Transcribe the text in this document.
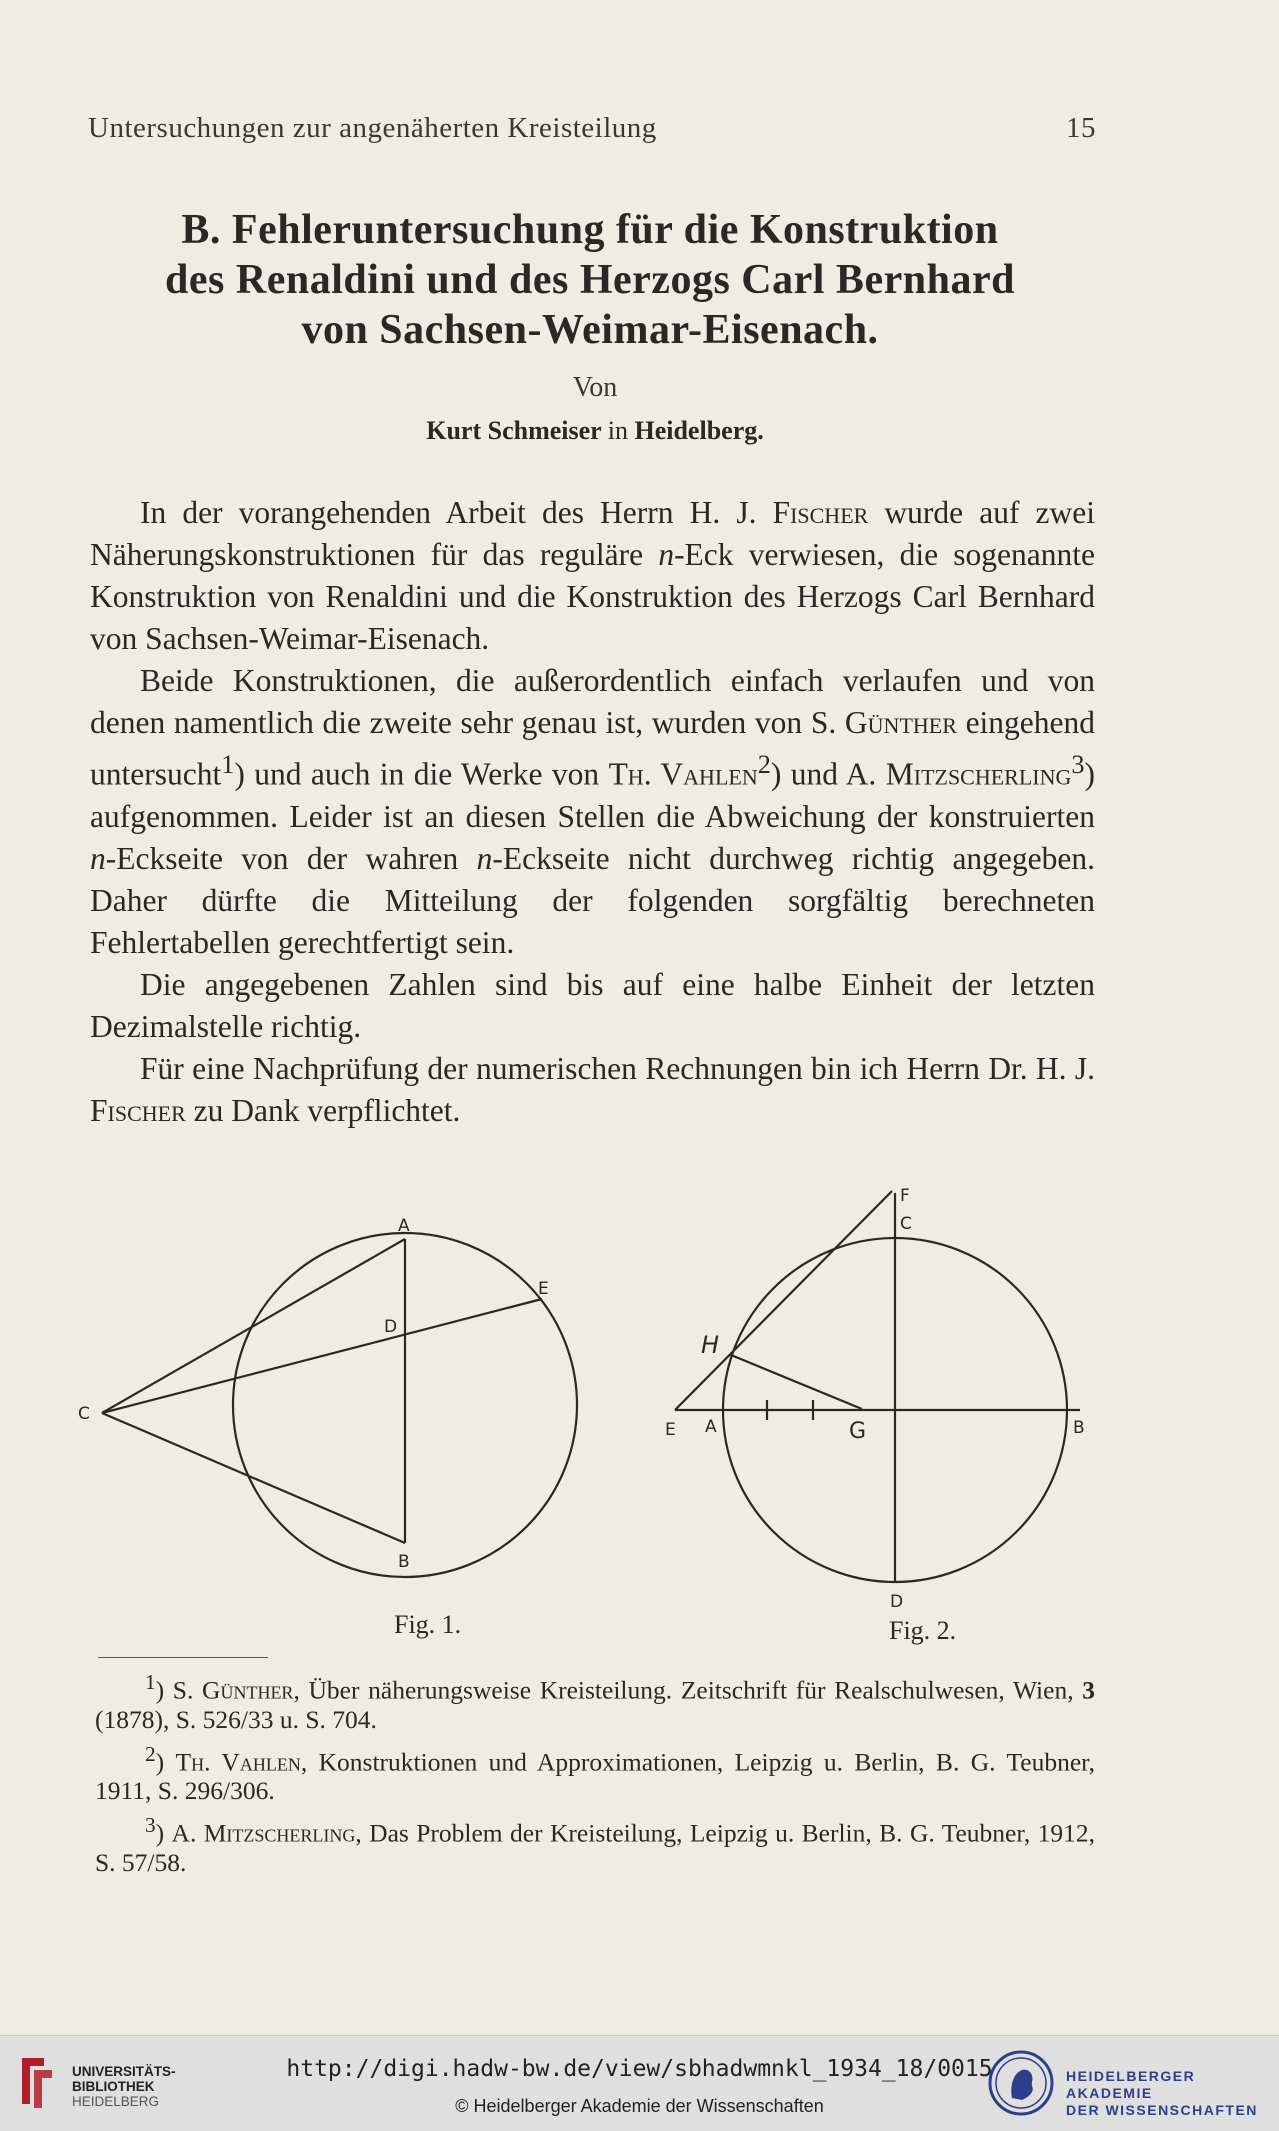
Untersuchungen zur angenäherten Kreisteilung	15
B. Fehleruntersuchung für die Konstruktion
des Renaldini und des Herzogs Carl Bernhard
von Sachsen-Weimar-Eisenach.
Von
Kurt Schmeiser in Heidelberg.

In der vorangehenden Arbeit des Herrn H. J. Fischer wurde auf zwei Näherungskonstruktionen für das reguläre n-Eck verwiesen, die sogenannte Konstruktion von Renaldini und die Konstruktion des Herzogs Carl Bernhard von Sachsen-Weimar-Eisenach.

Beide Konstruktionen, die außerordentlich einfach verlaufen und von denen namentlich die zweite sehr genau ist, wurden von S. Günther eingehend untersucht$^1$) und auch in die Werke von Th. Vahlen$^2$) und A. Mitzscherling$^3$) aufgenommen. Leider ist an diesen Stellen die Abweichung der konstruierten n-Eckseite von der wahren n-Eckseite nicht durchweg richtig angegeben. Daher dürfte die Mitteilung der folgenden sorgfältig berechneten Fehlertabellen gerechtfertigt sein.

Die angegebenen Zahlen sind bis auf eine halbe Einheit der letzten Dezimalstelle richtig.

Für eine Nachprüfung der numerischen Rechnungen bin ich Herrn Dr. H. J. Fischer zu Dank verpflichtet.

A
B
C
D
E
F
C
H
E A	G	B
D
Fig. 1.	Fig. 2.

$^1$) S. Günther, Über näherungsweise Kreisteilung. Zeitschrift für Realschulwesen, Wien, 3 (1878), S. 526/33 u. S. 704.

$^2$) Th. Vahlen, Konstruktionen und Approximationen, Leipzig u. Berlin, B. G. Teubner, 1911, S. 296/306.

$^3$) A. Mitzscherling, Das Problem der Kreisteilung, Leipzig u. Berlin, B. G. Teubner, 1912, S. 57/58.

UNIVERSITÄTS-
BIBLIOTHEK
HEIDELBERG
http://digi.hadw-bw.de/view/sbhadwmnkl_1934_18/0015
© Heidelberger Akademie der Wissenschaften
HEIDELBERGER AKADEMIE
DER WISSENSCHAFTEN
